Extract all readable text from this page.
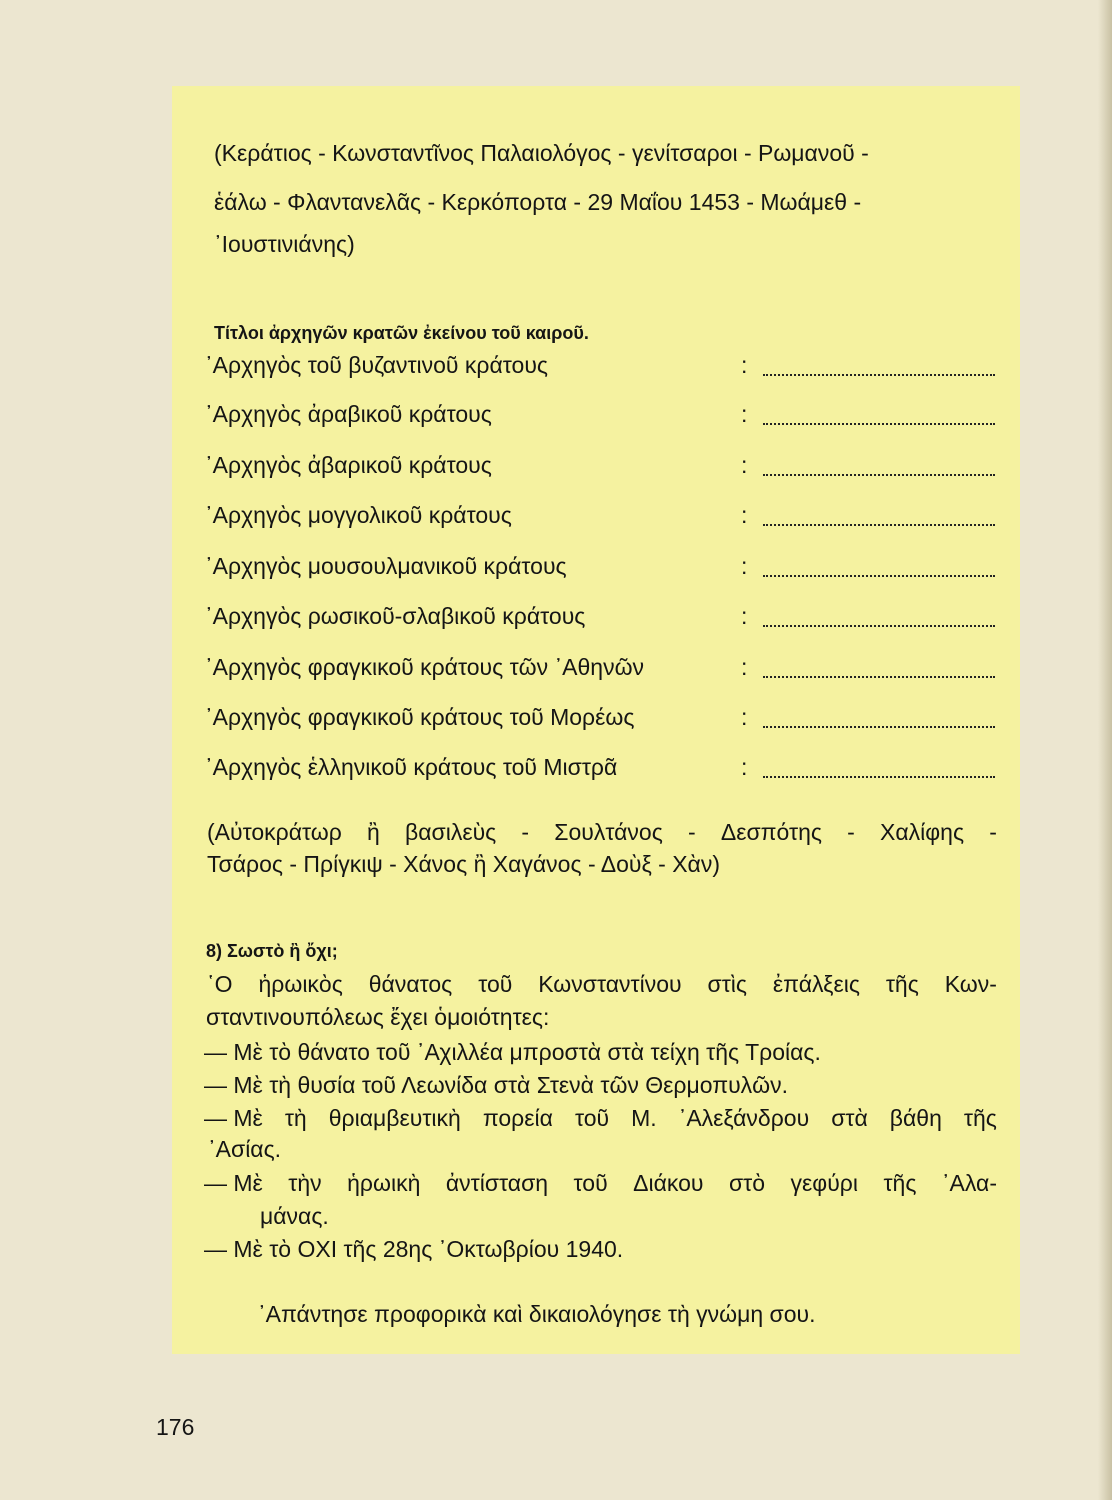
(Κεράτιος - Κωνσταντῖνος Παλαιολόγος - γενίτσαροι - Ρωμανοῦ -
ἑάλω - Φλαντανελᾶς - Κερκόπορτα - 29 Μαΐου 1453 - Μωάμεθ -
᾿Ιουστινιάνης)
Τίτλοι ἀρχηγῶν κρατῶν ἐκείνου τοῦ καιροῦ.
᾿Αρχηγὸς τοῦ βυζαντινοῦ κράτους	:
᾿Αρχηγὸς ἀραβικοῦ κράτους	:
᾿Αρχηγὸς ἀβαρικοῦ κράτους	:
᾿Αρχηγὸς μογγολικοῦ κράτους	:
᾿Αρχηγὸς μουσουλμανικοῦ κράτους	:
᾿Αρχηγὸς ρωσικοῦ-σλαβικοῦ κράτους	:
᾿Αρχηγὸς φραγκικοῦ κράτους τῶν ᾿Αθηνῶν	:
᾿Αρχηγὸς φραγκικοῦ κράτους τοῦ Μορέως	:
᾿Αρχηγὸς ἑλληνικοῦ κράτους τοῦ Μιστρᾶ	:
(Αὐτοκράτωρ ἢ βασιλεὺς - Σουλτάνος - Δεσπότης - Χαλίφης -
Τσάρος - Πρίγκιψ - Χάνος ἢ Χαγάνος - Δοὺξ - Χὰν)
8) Σωστὸ ἢ ὄχι;
῾Ο ἡρωικὸς θάνατος τοῦ Κωνσταντίνου στὶς ἐπάλξεις τῆς Κων-
σταντινουπόλεως ἔχει ὁμοιότητες:
— Μὲ τὸ θάνατο τοῦ ᾿Αχιλλέα μπροστὰ στὰ τείχη τῆς Τροίας.
— Μὲ τὴ θυσία τοῦ Λεωνίδα στὰ Στενὰ τῶν Θερμοπυλῶν.
— Μὲ τὴ θριαμβευτικὴ πορεία τοῦ Μ. ᾿Αλεξάνδρου στὰ βάθη τῆς
᾿Ασίας.
— Μὲ τὴν ἡρωικὴ ἀντίσταση τοῦ Διάκου στὸ γεφύρι τῆς ᾿Αλα-
μάνας.
— Μὲ τὸ ΟΧΙ τῆς 28ης ᾿Οκτωβρίου 1940.
᾿Απάντησε προφορικὰ καὶ δικαιολόγησε τὴ γνώμη σου.
176
